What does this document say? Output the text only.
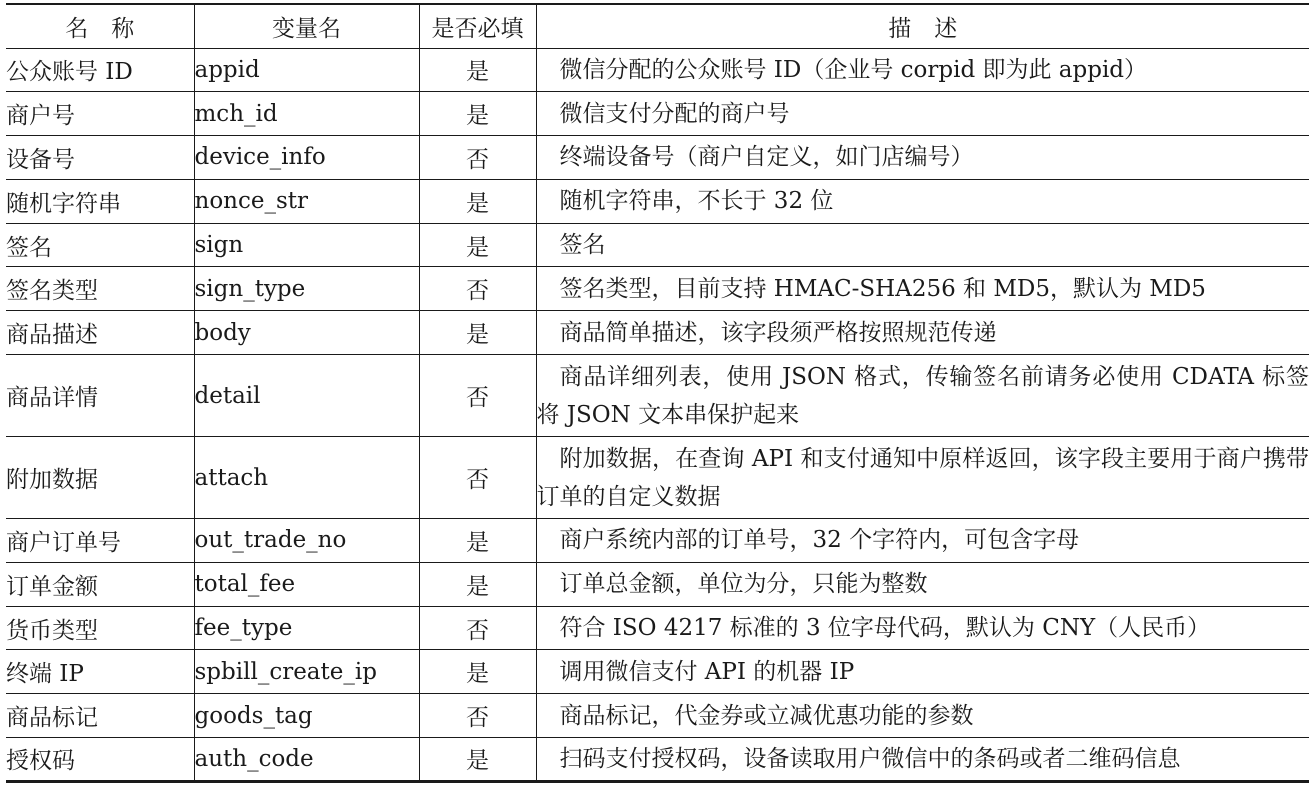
名　称	变量名	是否必填	描　述
公众账号 ID	appid	是	微信分配的公众账号 ID（企业号 corpid 即为此 appid）
商户号	mch_id	是	微信支付分配的商户号
设备号	device_info	否	终端设备号（商户自定义，如门店编号）
随机字符串	nonce_str	是	随机字符串，不长于 32 位
签名	sign	是	签名
签名类型	sign_type	否	签名类型，目前支持 HMAC-SHA256 和 MD5，默认为 MD5
商品描述	body	是	商品简单描述，该字段须严格按照规范传递
商品详情	detail	否	商品详细列表，使用 JSON 格式，传输签名前请务必使用 CDATA 标签将 JSON 文本串保护起来
附加数据	attach	否	附加数据，在查询 API 和支付通知中原样返回，该字段主要用于商户携带订单的自定义数据
商户订单号	out_trade_no	是	商户系统内部的订单号，32 个字符内，可包含字母
订单金额	total_fee	是	订单总金额，单位为分，只能为整数
货币类型	fee_type	否	符合 ISO 4217 标准的 3 位字母代码，默认为 CNY（人民币）
终端 IP	spbill_create_ip	是	调用微信支付 API 的机器 IP
商品标记	goods_tag	否	商品标记，代金券或立减优惠功能的参数
授权码	auth_code	是	扫码支付授权码，设备读取用户微信中的条码或者二维码信息
